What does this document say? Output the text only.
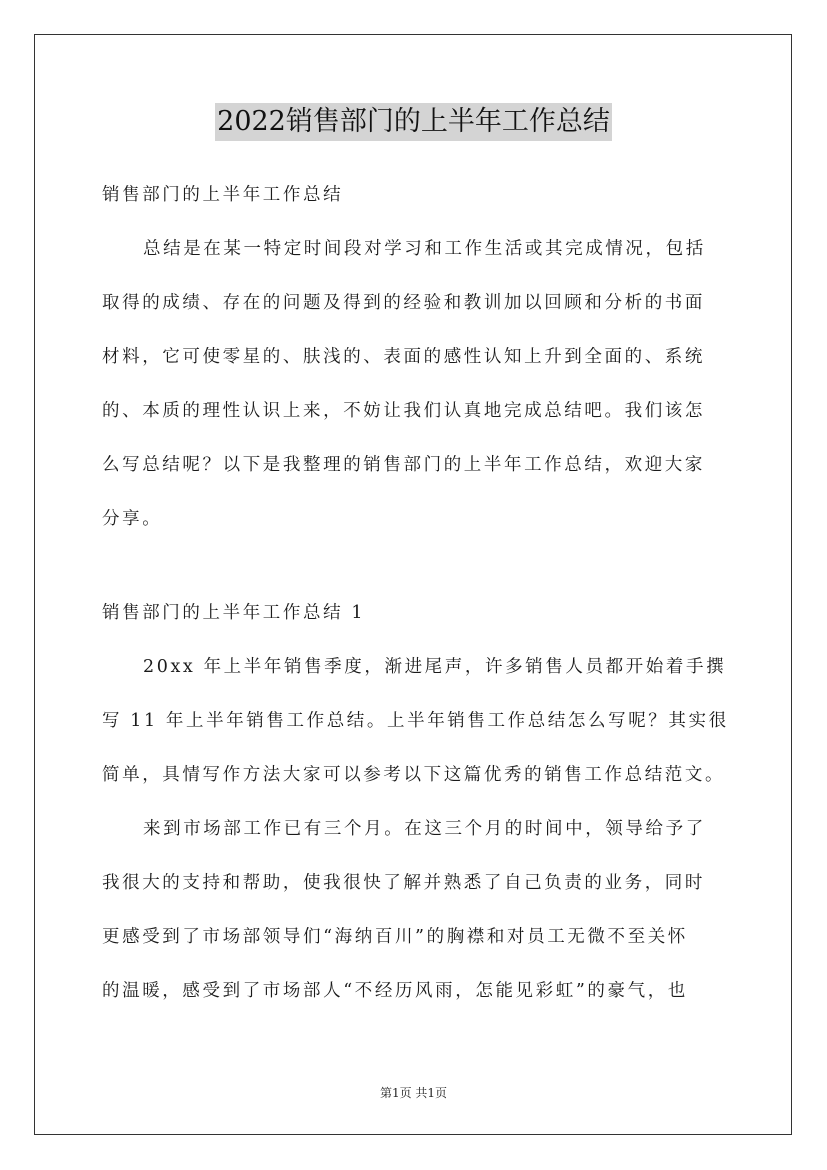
2022销售部门的上半年工作总结
销售部门的上半年工作总结
总结是在某一特定时间段对学习和工作生活或其完成情况，包括
取得的成绩、存在的问题及得到的经验和教训加以回顾和分析的书面
材料，它可使零星的、肤浅的、表面的感性认知上升到全面的、系统
的、本质的理性认识上来，不妨让我们认真地完成总结吧。我们该怎
么写总结呢？以下是我整理的销售部门的上半年工作总结，欢迎大家
分享。
销售部门的上半年工作总结 1
20xx 年上半年销售季度，渐进尾声，许多销售人员都开始着手撰
写 11 年上半年销售工作总结。上半年销售工作总结怎么写呢？其实很
简单，具情写作方法大家可以参考以下这篇优秀的销售工作总结范文。
来到市场部工作已有三个月。在这三个月的时间中，领导给予了
我很大的支持和帮助，使我很快了解并熟悉了自己负责的业务，同时
更感受到了市场部领导们“海纳百川”的胸襟和对员工无微不至关怀
的温暖，感受到了市场部人“不经历风雨，怎能见彩虹”的豪气，也
第1页 共1页
